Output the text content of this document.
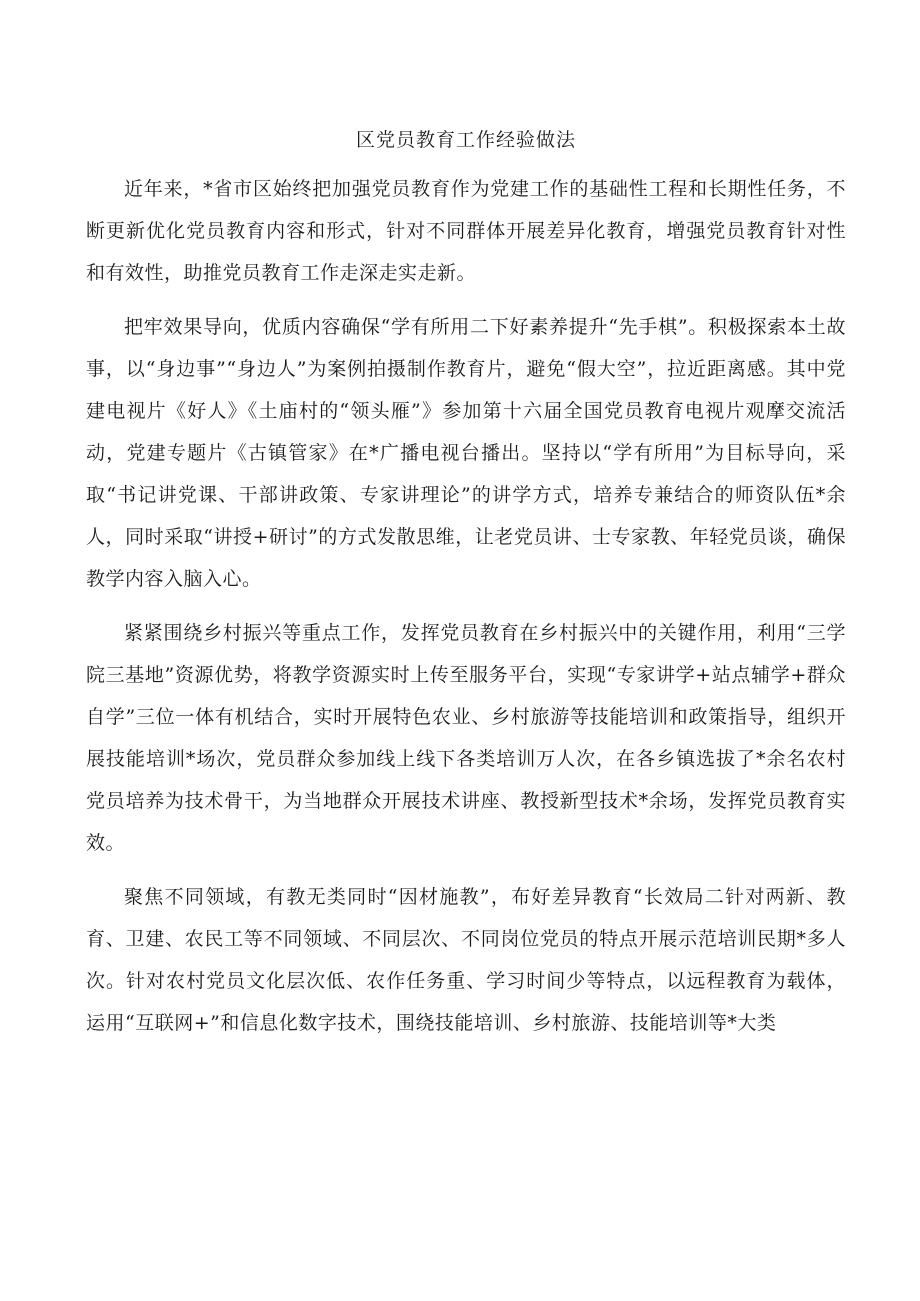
区党员教育工作经验做法

近年来，*省市区始终把加强党员教育作为党建工作的基础性工程和长期性任务，不断更新优化党员教育内容和形式，针对不同群体开展差异化教育，增强党员教育针对性和有效性，助推党员教育工作走深走实走新。

把牢效果导向，优质内容确保“学有所用二下好素养提升“先手棋”。积极探索本土故事，以“身边事”“身边人”为案例拍摄制作教育片，避免“假大空”，拉近距离感。其中党建电视片《好人》《土庙村的“领头雁”》参加第十六届全国党员教育电视片观摩交流活动，党建专题片《古镇管家》在*广播电视台播出。坚持以“学有所用”为目标导向，采取“书记讲党课、干部讲政策、专家讲理论”的讲学方式，培养专兼结合的师资队伍*余人，同时采取“讲授+研讨”的方式发散思维，让老党员讲、士专家教、年轻党员谈，确保教学内容入脑入心。

紧紧围绕乡村振兴等重点工作，发挥党员教育在乡村振兴中的关键作用，利用“三学院三基地”资源优势，将教学资源实时上传至服务平台，实现“专家讲学+站点辅学+群众自学”三位一体有机结合，实时开展特色农业、乡村旅游等技能培训和政策指导，组织开展技能培训*场次，党员群众参加线上线下各类培训万人次，在各乡镇选拔了*余名农村党员培养为技术骨干，为当地群众开展技术讲座、教授新型技术*余场，发挥党员教育实效。

聚焦不同领域，有教无类同时“因材施教”，布好差异教育“长效局二针对两新、教育、卫建、农民工等不同领域、不同层次、不同岗位党员的特点开展示范培训民期*多人次。针对农村党员文化层次低、农作任务重、学习时间少等特点，以远程教育为载体，运用“互联网+”和信息化数字技术，围绕技能培训、乡村旅游、技能培训等*大类
